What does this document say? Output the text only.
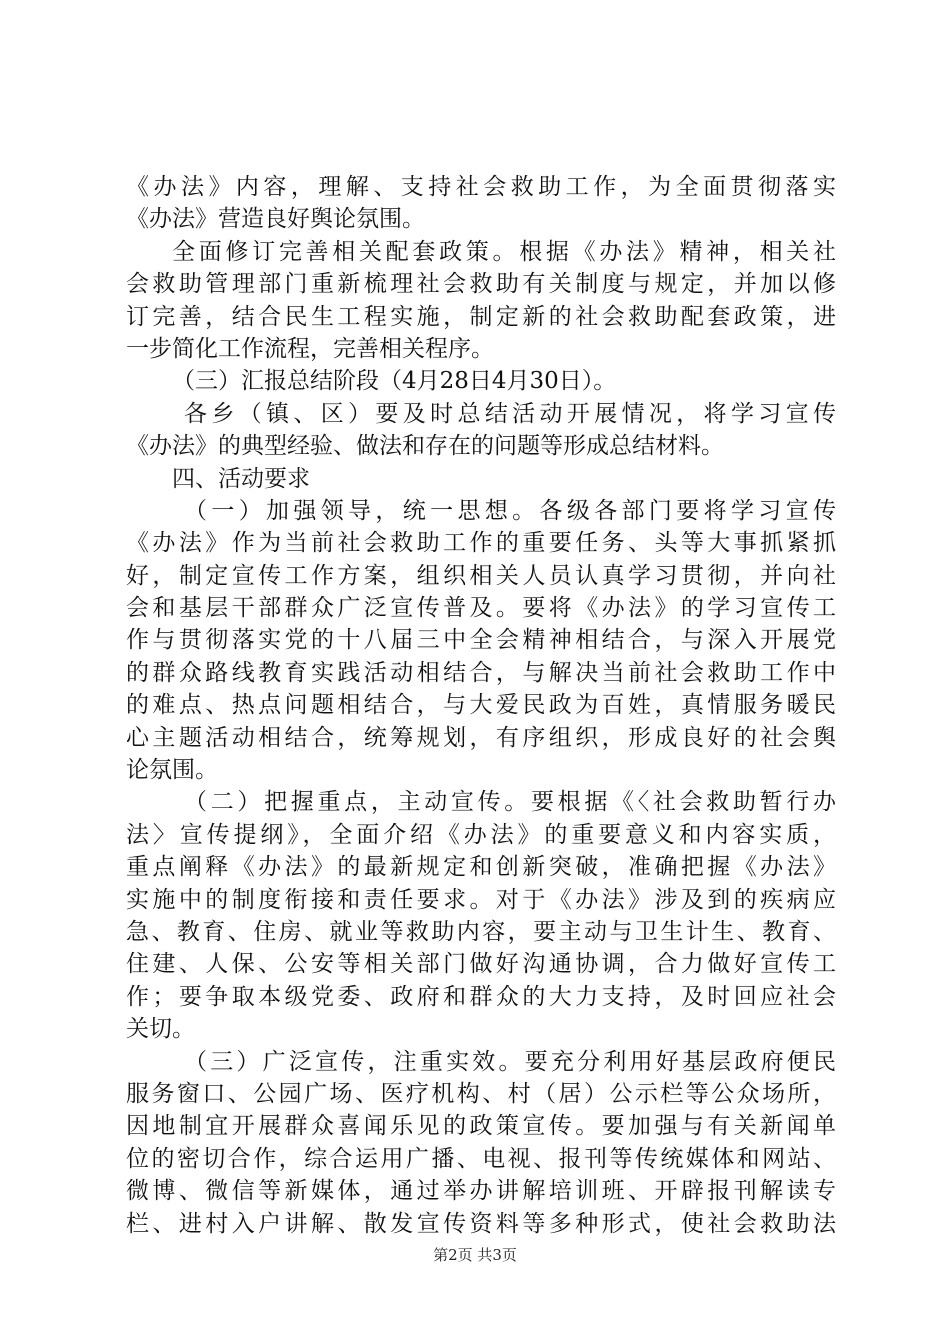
《办法》内容，理解、支持社会救助工作，为全面贯彻落实
《办法》营造良好舆论氛围。
全面修订完善相关配套政策。根据《办法》精神，相关社
会救助管理部门重新梳理社会救助有关制度与规定，并加以修
订完善，结合民生工程实施，制定新的社会救助配套政策，进
一步简化工作流程，完善相关程序。
（三）汇报总结阶段（4月28日4月30日）。
各乡（镇、区）要及时总结活动开展情况，将学习宣传
《办法》的典型经验、做法和存在的问题等形成总结材料。
四、活动要求
（一）加强领导，统一思想。各级各部门要将学习宣传
《办法》作为当前社会救助工作的重要任务、头等大事抓紧抓
好，制定宣传工作方案，组织相关人员认真学习贯彻，并向社
会和基层干部群众广泛宣传普及。要将《办法》的学习宣传工
作与贯彻落实党的十八届三中全会精神相结合，与深入开展党
的群众路线教育实践活动相结合，与解决当前社会救助工作中
的难点、热点问题相结合，与大爱民政为百姓，真情服务暖民
心主题活动相结合，统筹规划，有序组织，形成良好的社会舆
论氛围。
（二）把握重点，主动宣传。要根据《〈社会救助暂行办
法〉宣传提纲》，全面介绍《办法》的重要意义和内容实质，
重点阐释《办法》的最新规定和创新突破，准确把握《办法》
实施中的制度衔接和责任要求。对于《办法》涉及到的疾病应
急、教育、住房、就业等救助内容，要主动与卫生计生、教育、
住建、人保、公安等相关部门做好沟通协调，合力做好宣传工
作；要争取本级党委、政府和群众的大力支持，及时回应社会
关切。
（三）广泛宣传，注重实效。要充分利用好基层政府便民
服务窗口、公园广场、医疗机构、村（居）公示栏等公众场所，
因地制宜开展群众喜闻乐见的政策宣传。要加强与有关新闻单
位的密切合作，综合运用广播、电视、报刊等传统媒体和网站、
微博、微信等新媒体，通过举办讲解培训班、开辟报刊解读专
栏、进村入户讲解、散发宣传资料等多种形式，使社会救助法
第2页 共3页
